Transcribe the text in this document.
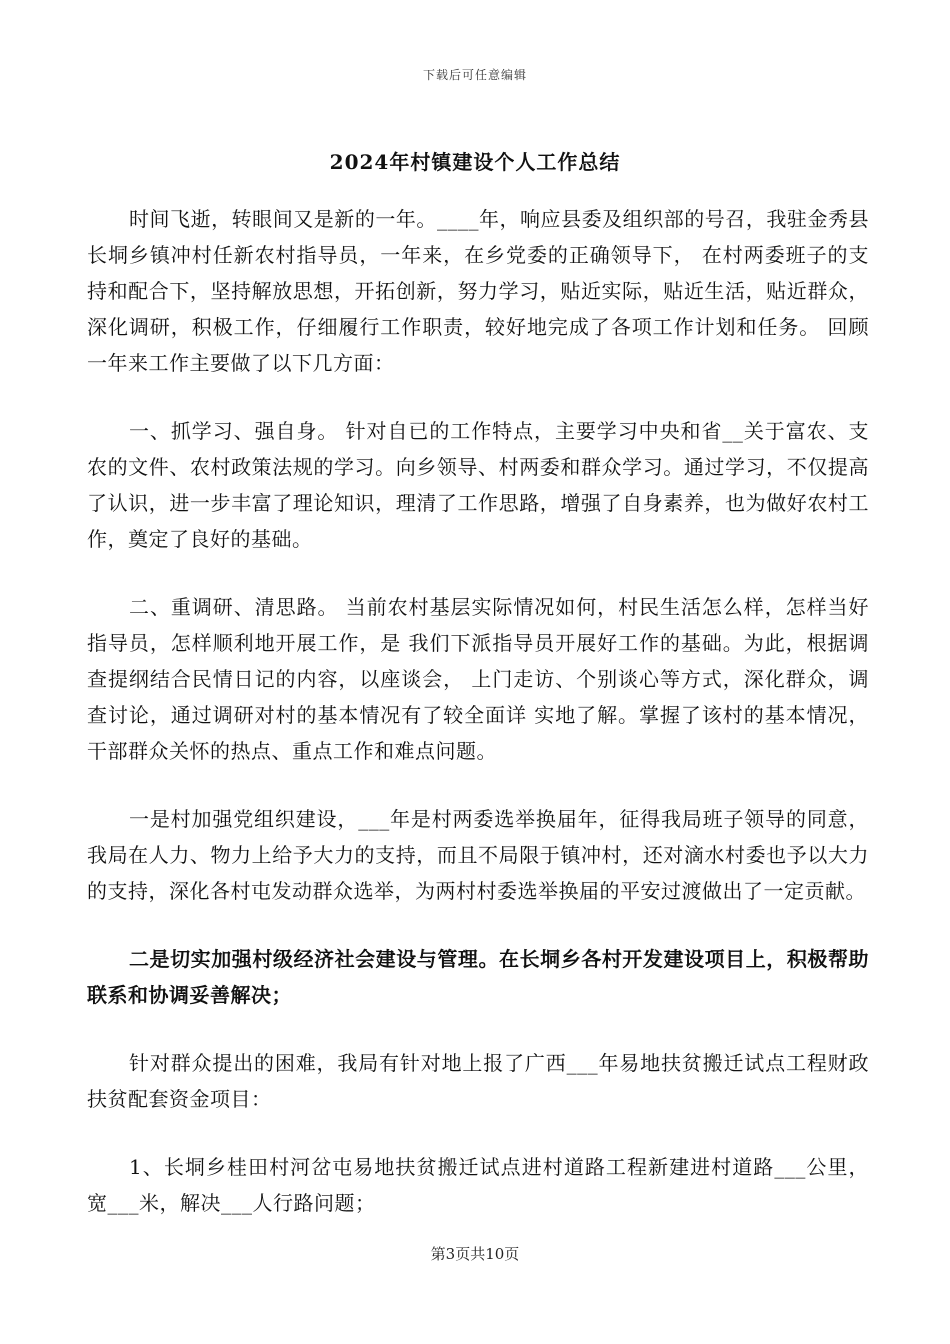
下载后可任意编辑
2024年村镇建设个人工作总结

时间飞逝，转眼间又是新的一年。____年，响应县委及组织部的号召，我驻金秀县长垌乡镇冲村任新农村指导员，一年来，在乡党委的正确领导下， 在村两委班子的支持和配合下，坚持解放思想，开拓创新，努力学习，贴近实际，贴近生活，贴近群众，深化调研，积极工作，仔细履行工作职责，较好地完成了各项工作计划和任务。 回顾一年来工作主要做了以下几方面：

一、抓学习、强自身。 针对自已的工作特点，主要学习中央和省__关于富农、支农的文件、农村政策法规的学习。向乡领导、村两委和群众学习。通过学习，不仅提高了认识，进一步丰富了理论知识，理清了工作思路，增强了自身素养，也为做好农村工作，奠定了良好的基础。

二、重调研、清思路。 当前农村基层实际情况如何，村民生活怎么样，怎样当好指导员，怎样顺利地开展工作，是 我们下派指导员开展好工作的基础。为此，根据调查提纲结合民情日记的内容，以座谈会， 上门走访、个别谈心等方式，深化群众，调查讨论，通过调研对村的基本情况有了较全面详 实地了解。掌握了该村的基本情况，干部群众关怀的热点、重点工作和难点问题。

一是村加强党组织建设，___年是村两委选举换届年，征得我局班子领导的同意，我局在人力、物力上给予大力的支持，而且不局限于镇冲村，还对滴水村委也予以大力的支持，深化各村屯发动群众选举，为两村村委选举换届的平安过渡做出了一定贡献。

二是切实加强村级经济社会建设与管理。在长垌乡各村开发建设项目上，积极帮助联系和协调妥善解决；

针对群众提出的困难，我局有针对地上报了广西___年易地扶贫搬迁试点工程财政扶贫配套资金项目：

1、长垌乡桂田村河岔屯易地扶贫搬迁试点进村道路工程新建进村道路___公里，宽___米，解决___人行路问题；

第3页共10页
